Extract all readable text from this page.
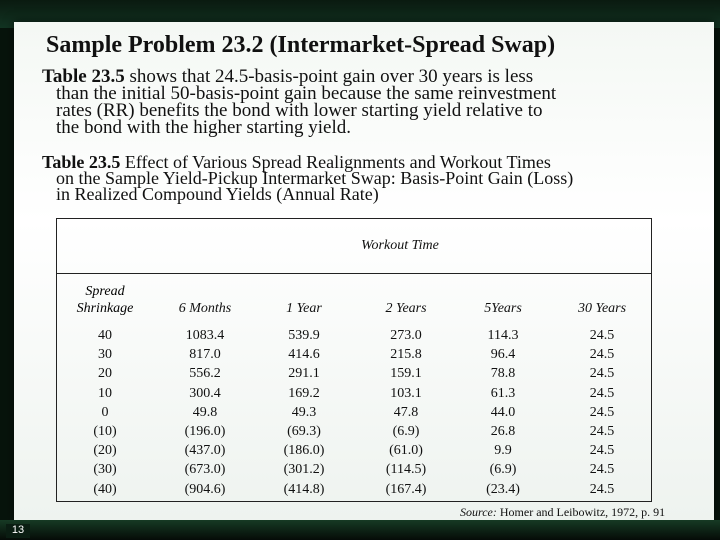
Sample Problem 23.2 (Intermarket-Spread Swap)
Table 23.5 shows that 24.5-basis-point gain over 30 years is less
than the initial 50-basis-point gain because the same reinvestment
rates (RR) benefits the bond with lower starting yield relative to
the bond with the higher starting yield.
Table 23.5 Effect of Various Spread Realignments and Workout Times
on the Sample Yield-Pickup Intermarket Swap: Basis-Point Gain (Loss)
in Realized Compound Yields (Annual Rate)
Workout Time
Spread
Shrinkage
40
30
20
10
0
(10)
(20)
(30)
(40)
6 Months
1083.4
817.0
556.2
300.4
49.8
(196.0)
(437.0)
(673.0)
(904.6)
1 Year
539.9
414.6
291.1
169.2
49.3
(69.3)
(186.0)
(301.2)
(414.8)
2 Years
273.0
215.8
159.1
103.1
47.8
(6.9)
(61.0)
(114.5)
(167.4)
5Years
114.3
96.4
78.8
61.3
44.0
26.8
9.9
(6.9)
(23.4)
30 Years
24.5
24.5
24.5
24.5
24.5
24.5
24.5
24.5
24.5
Source: Homer and Leibowitz, 1972, p. 91
13
